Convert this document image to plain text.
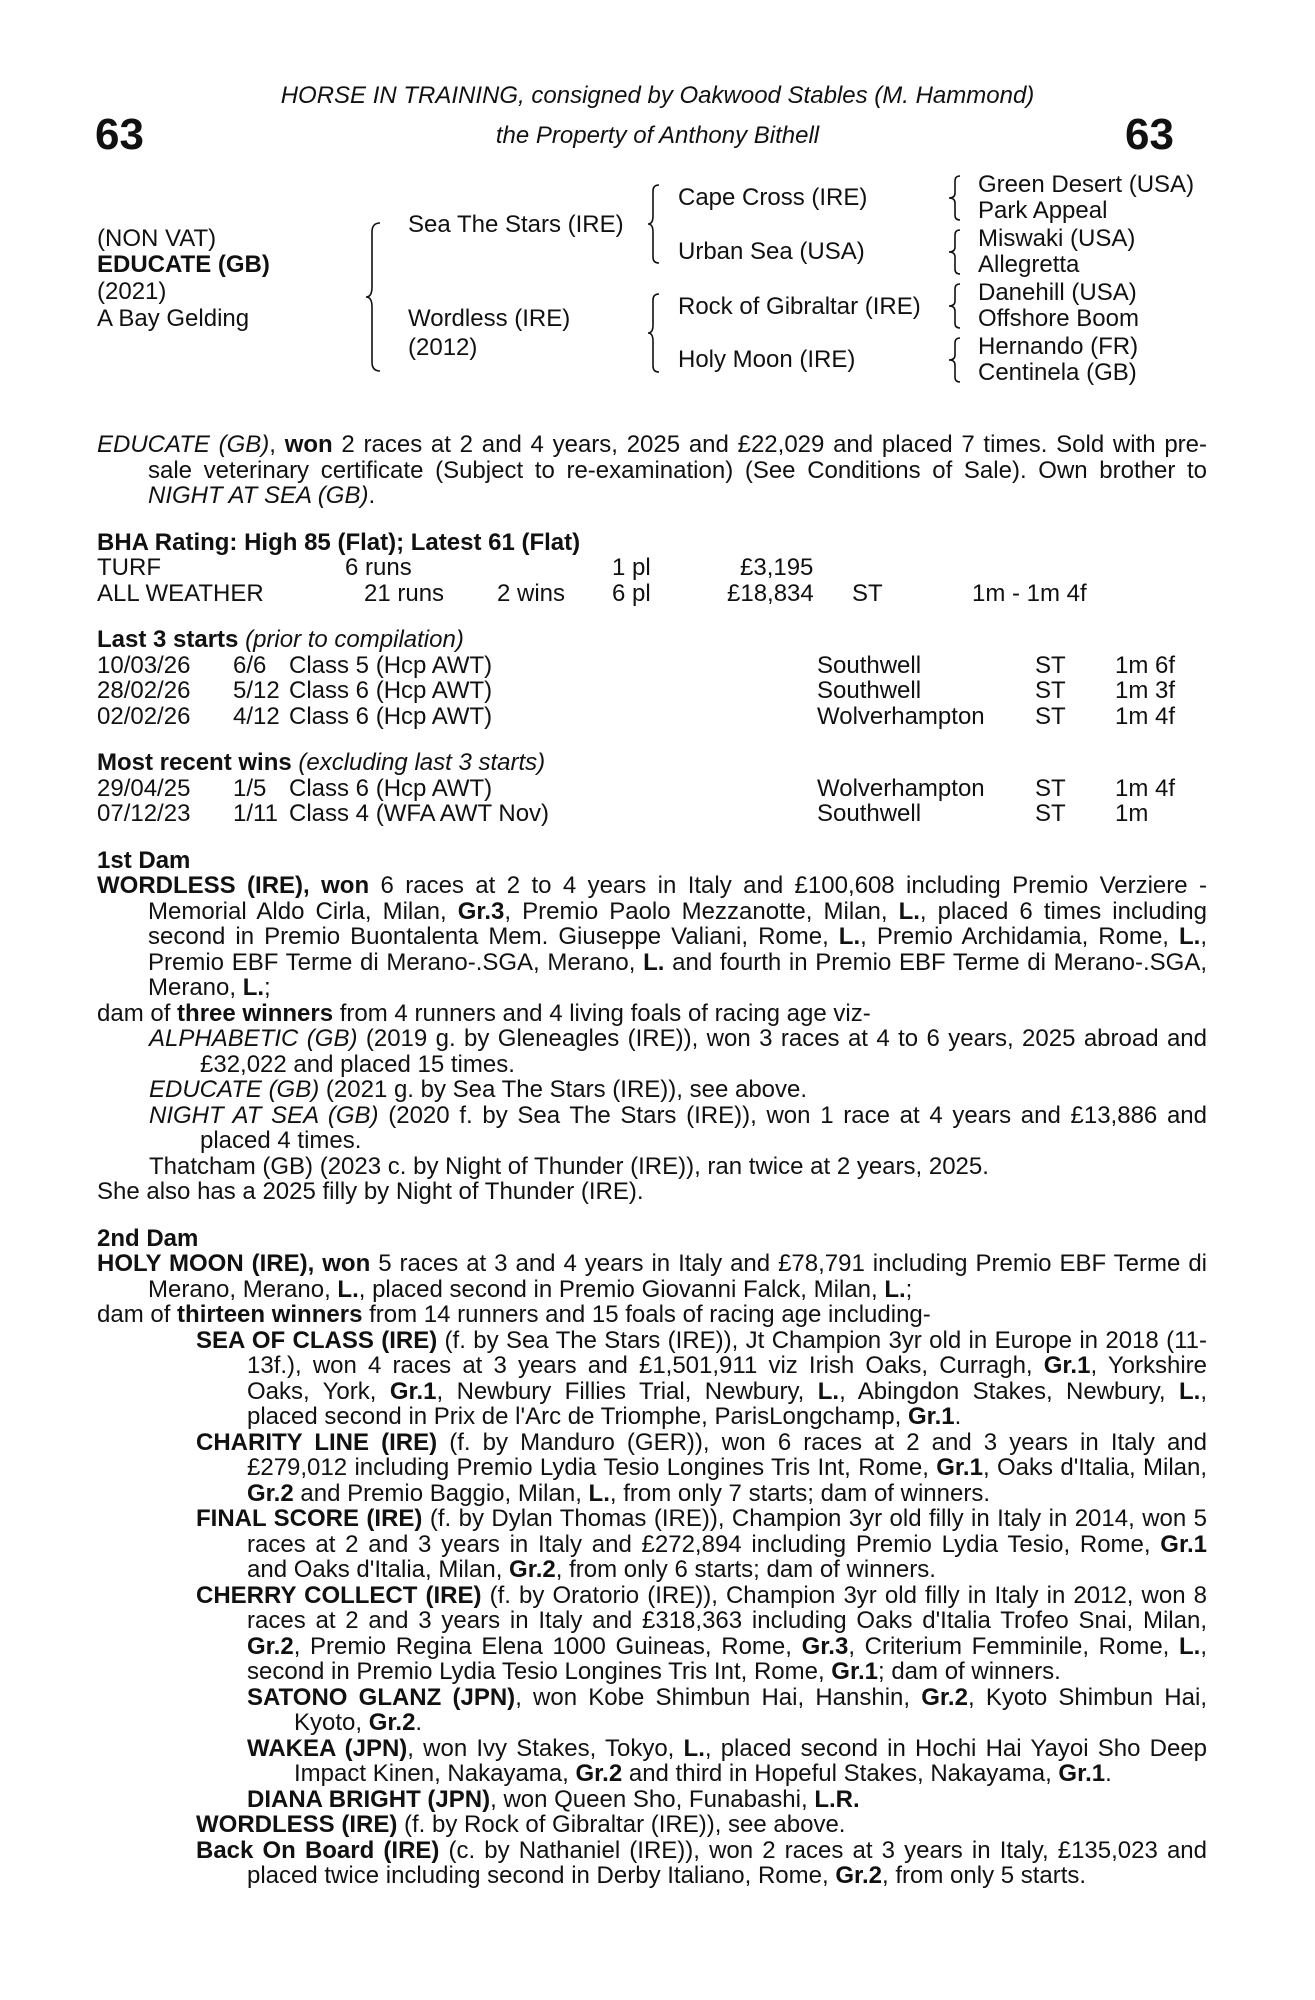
63	63
HORSE IN TRAINING, consigned by Oakwood Stables (M. Hammond)
the Property of Anthony Bithell
(NON VAT)
EDUCATE (GB)
(2021)
A Bay Gelding
Sea The Stars (IRE)
Wordless (IRE)
(2012)
Cape Cross (IRE)
Urban Sea (USA)
Rock of Gibraltar (IRE)
Holy Moon (IRE)
Green Desert (USA)
Park Appeal
Miswaki (USA)
Allegretta
Danehill (USA)
Offshore Boom
Hernando (FR)
Centinela (GB)
EDUCATE (GB), won 2 races at 2 and 4 years, 2025 and £22,029 and placed 7 times. Sold with pre-sale veterinary certificate (Subject to re-examination) (See Conditions of Sale). Own brother to NIGHT AT SEA (GB).
BHA Rating: High 85 (Flat); Latest 61 (Flat)
TURF	6 runs	1 pl	£3,195
ALL WEATHER	21 runs 2 wins 6 pl	£18,834 ST	1m - 1m 4f
Last 3 starts (prior to compilation)
10/03/26 6/6 Class 5 (Hcp AWT)	Southwell	ST 1m 6f
28/02/26 5/12 Class 6 (Hcp AWT)	Southwell	ST 1m 3f
02/02/26 4/12 Class 6 (Hcp AWT)	Wolverhampton ST 1m 4f
Most recent wins (excluding last 3 starts)
29/04/25 1/5 Class 6 (Hcp AWT)	Wolverhampton ST 1m 4f
07/12/23 1/11 Class 4 (WFA AWT Nov)	Southwell	ST 1m
1st Dam
WORDLESS (IRE), won 6 races at 2 to 4 years in Italy and £100,608 including Premio Verziere - Memorial Aldo Cirla, Milan, Gr.3, Premio Paolo Mezzanotte, Milan, L., placed 6 times including second in Premio Buontalenta Mem. Giuseppe Valiani, Rome, L., Premio Archidamia, Rome, L., Premio EBF Terme di Merano-.SGA, Merano, L. and fourth in Premio EBF Terme di Merano-.SGA, Merano, L.;
dam of three winners from 4 runners and 4 living foals of racing age viz-
ALPHABETIC (GB) (2019 g. by Gleneagles (IRE)), won 3 races at 4 to 6 years, 2025 abroad and £32,022 and placed 15 times.
EDUCATE (GB) (2021 g. by Sea The Stars (IRE)), see above.
NIGHT AT SEA (GB) (2020 f. by Sea The Stars (IRE)), won 1 race at 4 years and £13,886 and placed 4 times.
Thatcham (GB) (2023 c. by Night of Thunder (IRE)), ran twice at 2 years, 2025.
She also has a 2025 filly by Night of Thunder (IRE).
2nd Dam
HOLY MOON (IRE), won 5 races at 3 and 4 years in Italy and £78,791 including Premio EBF Terme di Merano, Merano, L., placed second in Premio Giovanni Falck, Milan, L.;
dam of thirteen winners from 14 runners and 15 foals of racing age including-
SEA OF CLASS (IRE) (f. by Sea The Stars (IRE)), Jt Champion 3yr old in Europe in 2018 (11-13f.), won 4 races at 3 years and £1,501,911 viz Irish Oaks, Curragh, Gr.1, Yorkshire Oaks, York, Gr.1, Newbury Fillies Trial, Newbury, L., Abingdon Stakes, Newbury, L., placed second in Prix de l'Arc de Triomphe, ParisLongchamp, Gr.1.
CHARITY LINE (IRE) (f. by Manduro (GER)), won 6 races at 2 and 3 years in Italy and £279,012 including Premio Lydia Tesio Longines Tris Int, Rome, Gr.1, Oaks d'Italia, Milan, Gr.2 and Premio Baggio, Milan, L., from only 7 starts; dam of winners.
FINAL SCORE (IRE) (f. by Dylan Thomas (IRE)), Champion 3yr old filly in Italy in 2014, won 5 races at 2 and 3 years in Italy and £272,894 including Premio Lydia Tesio, Rome, Gr.1 and Oaks d'Italia, Milan, Gr.2, from only 6 starts; dam of winners.
CHERRY COLLECT (IRE) (f. by Oratorio (IRE)), Champion 3yr old filly in Italy in 2012, won 8 races at 2 and 3 years in Italy and £318,363 including Oaks d'Italia Trofeo Snai, Milan, Gr.2, Premio Regina Elena 1000 Guineas, Rome, Gr.3, Criterium Femminile, Rome, L., second in Premio Lydia Tesio Longines Tris Int, Rome, Gr.1; dam of winners.
SATONO GLANZ (JPN), won Kobe Shimbun Hai, Hanshin, Gr.2, Kyoto Shimbun Hai, Kyoto, Gr.2.
WAKEA (JPN), won Ivy Stakes, Tokyo, L., placed second in Hochi Hai Yayoi Sho Deep Impact Kinen, Nakayama, Gr.2 and third in Hopeful Stakes, Nakayama, Gr.1.
DIANA BRIGHT (JPN), won Queen Sho, Funabashi, L.R.
WORDLESS (IRE) (f. by Rock of Gibraltar (IRE)), see above.
Back On Board (IRE) (c. by Nathaniel (IRE)), won 2 races at 3 years in Italy, £135,023 and placed twice including second in Derby Italiano, Rome, Gr.2, from only 5 starts.
